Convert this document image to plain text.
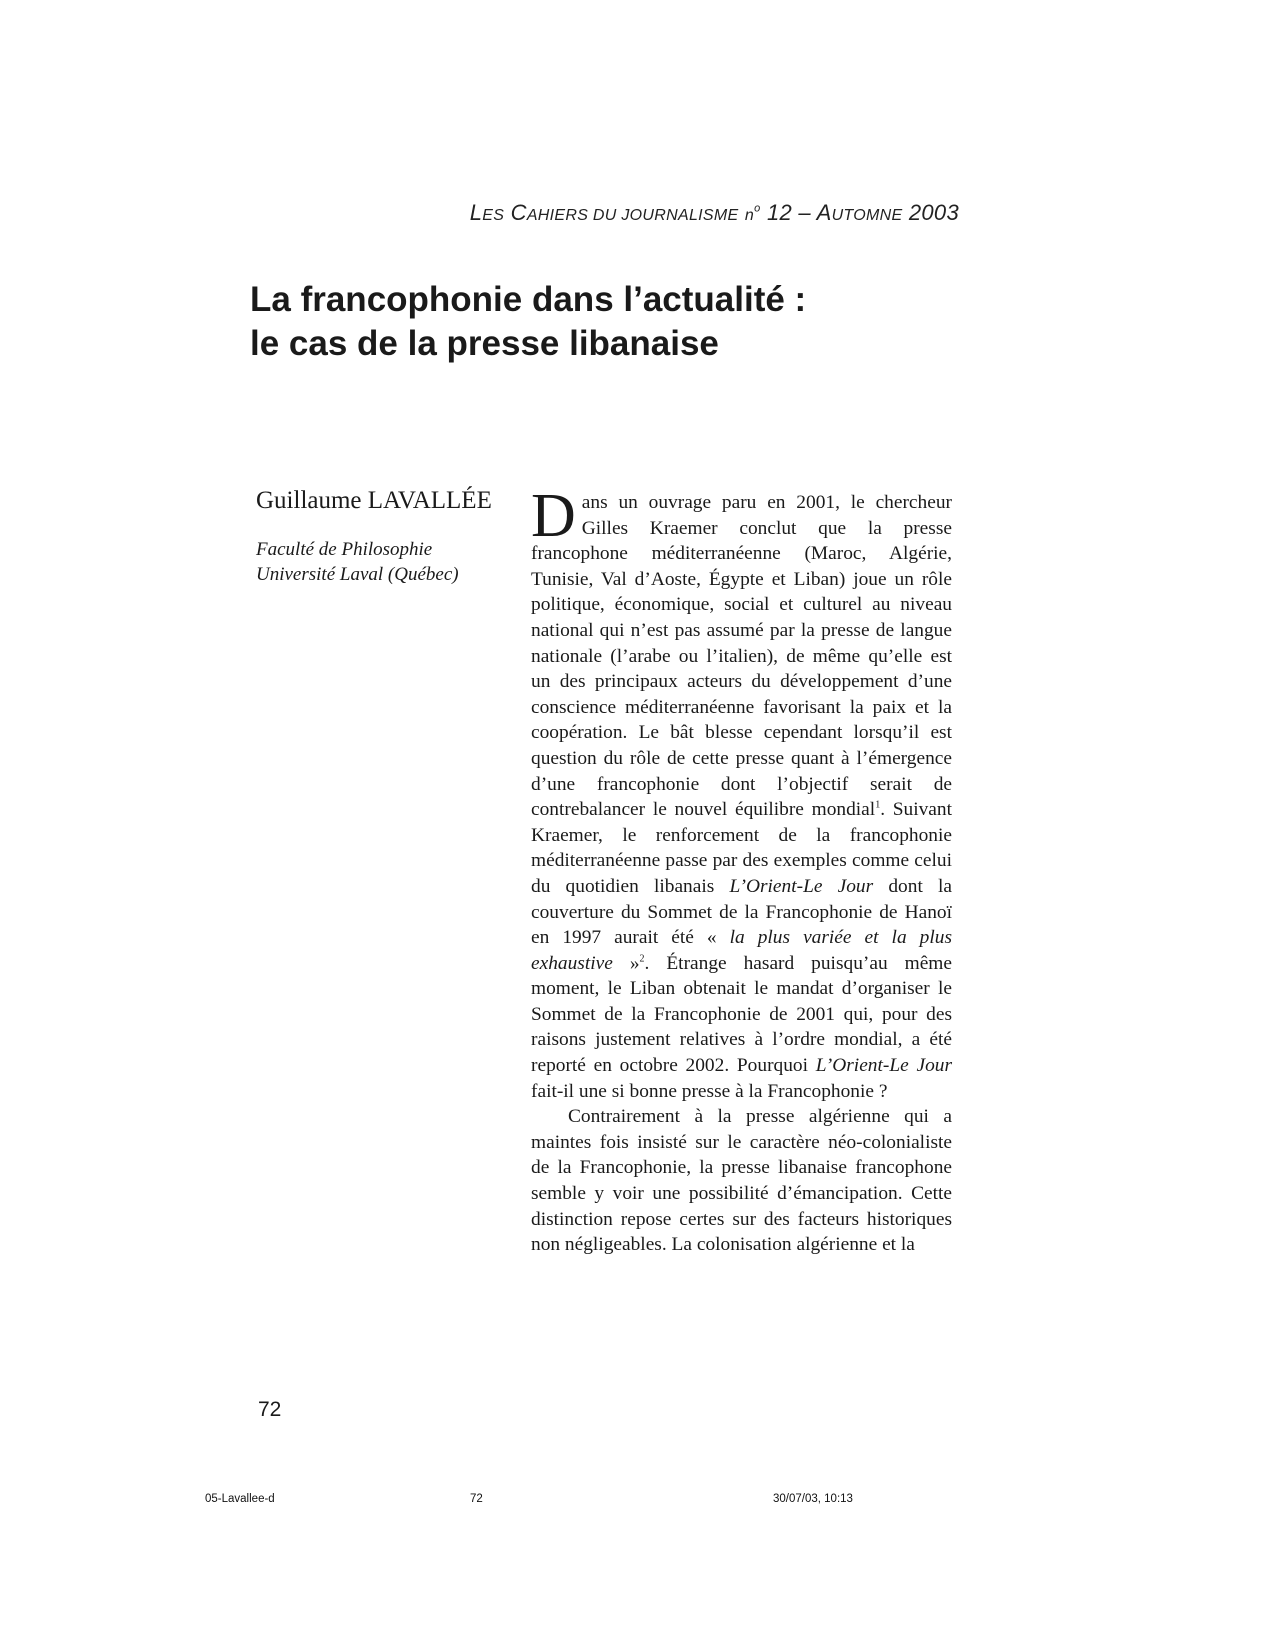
LES CAHIERS DU JOURNALISME $n^o$ 12 – AUTOMNE 2003
La francophonie dans l’actualité :
le cas de la presse libanaise
Guillaume LAVALLÉE
Faculté de Philosophie
Université Laval (Québec)

Dans un ouvrage paru en 2001, le chercheur Gilles Kraemer conclut que la presse francophone méditerranéenne (Maroc, Algérie, Tunisie, Val d’Aoste, Égypte et Liban) joue un rôle politique, économique, social et culturel au niveau national qui n’est pas assumé par la presse de langue nationale (l’arabe ou l’italien), de même qu’elle est un des principaux acteurs du développement d’une conscience méditerranéenne favorisant la paix et la coopération. Le bât blesse cependant lorsqu’il est question du rôle de cette presse quant à l’émergence d’une francophonie dont l’objectif serait de contrebalancer le nouvel équilibre mondial$^1$. Suivant Kraemer, le renforcement de la francophonie méditerranéenne passe par des exemples comme celui du quotidien libanais L’Orient-Le Jour dont la couverture du Sommet de la Francophonie de Hanoï en 1997 aurait été « la plus variée et la plus exhaustive »$^2$. Étrange hasard puisqu’au même moment, le Liban obtenait le mandat d’organiser le Sommet de la Francophonie de 2001 qui, pour des raisons justement relatives à l’ordre mondial, a été reporté en octobre 2002. Pourquoi L’Orient-Le Jour fait-il une si bonne presse à la Francophonie ?

Contrairement à la presse algérienne qui a maintes fois insisté sur le caractère néo-colonialiste de la Francophonie, la presse libanaise francophone semble y voir une possibilité d’émancipation. Cette distinction repose certes sur des facteurs historiques non négligeables. La colonisation algérienne et la

72
05-Lavallee-d	72	30/07/03, 10:13
